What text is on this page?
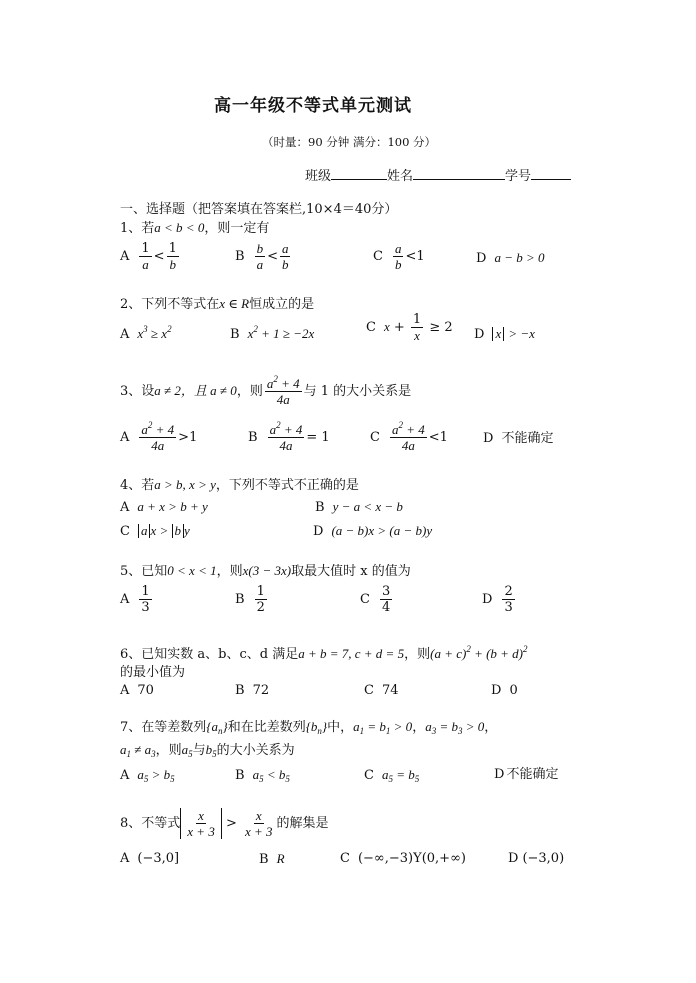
高一年级不等式单元测试
（时量：90 分钟 满分：100 分）
班级	姓名	学号
一、选择题（把答案填在答案栏,10×4＝40分）
1、若a < b < 0，则一定有
A $\frac{1}{a} < \frac{1}{b}$	B $\frac{b}{a} < \frac{a}{b}$	C $\frac{a}{b} <1$	D a − b > 0
2、下列不等式在x ∈ R恒成立的是
A $x^3 \ge x^2$	B $x^2 + 1 \ge -2x$	C $x + \frac{1}{x} \ge 2$ D x > −x
3、设a ≠ 2，且 a ≠ 0，则 $\frac{a^2 + 4}{4a}$ 与 1 的大小关系是
A $\frac{a^2 + 4}{4a} >1$	B $\frac{a^2 + 4}{4a} = 1$	C $\frac{a^2 + 4}{4a} <1$	D 不能确定
4、若a > b, x > y，下列不等式不正确的是
A a + x > b + y	B y − a < x − b
C a x > b y	D (a − b)x > (a − b)y
5、已知0 < x < 1，则x(3 − 3x)取最大值时 x 的值为
A $\frac{1}{3}$	B $\frac{1}{2}$	C $\frac{3}{4}$	D $\frac{2}{3}$
6、已知实数 a、b、c、d 满足a + b = 7, c + d = 5，则$(a + c)^2 + (b + d)^2$
的最小值为
A 70	B 72	C 74	D 0
7、在等差数列$\{a_n\}$和在比差数列$\{b_n\}$中，$a_1 = b_1 > 0$，$a_3 = b_3 > 0$，
$a_1 \ne a_3$，则$a_5$与$b_5$的大小关系为
A $a_5 > b_5$	B $a_5 < b_5$	C $a_5 = b_5$	D 不能确定
8、不等式 $\frac{x}{x + 3} > \frac{x}{x + 3}$ 的解集是
A (−3,0]	B R	C (−∞,−3)Y(0,+∞)	D (−3,0)
